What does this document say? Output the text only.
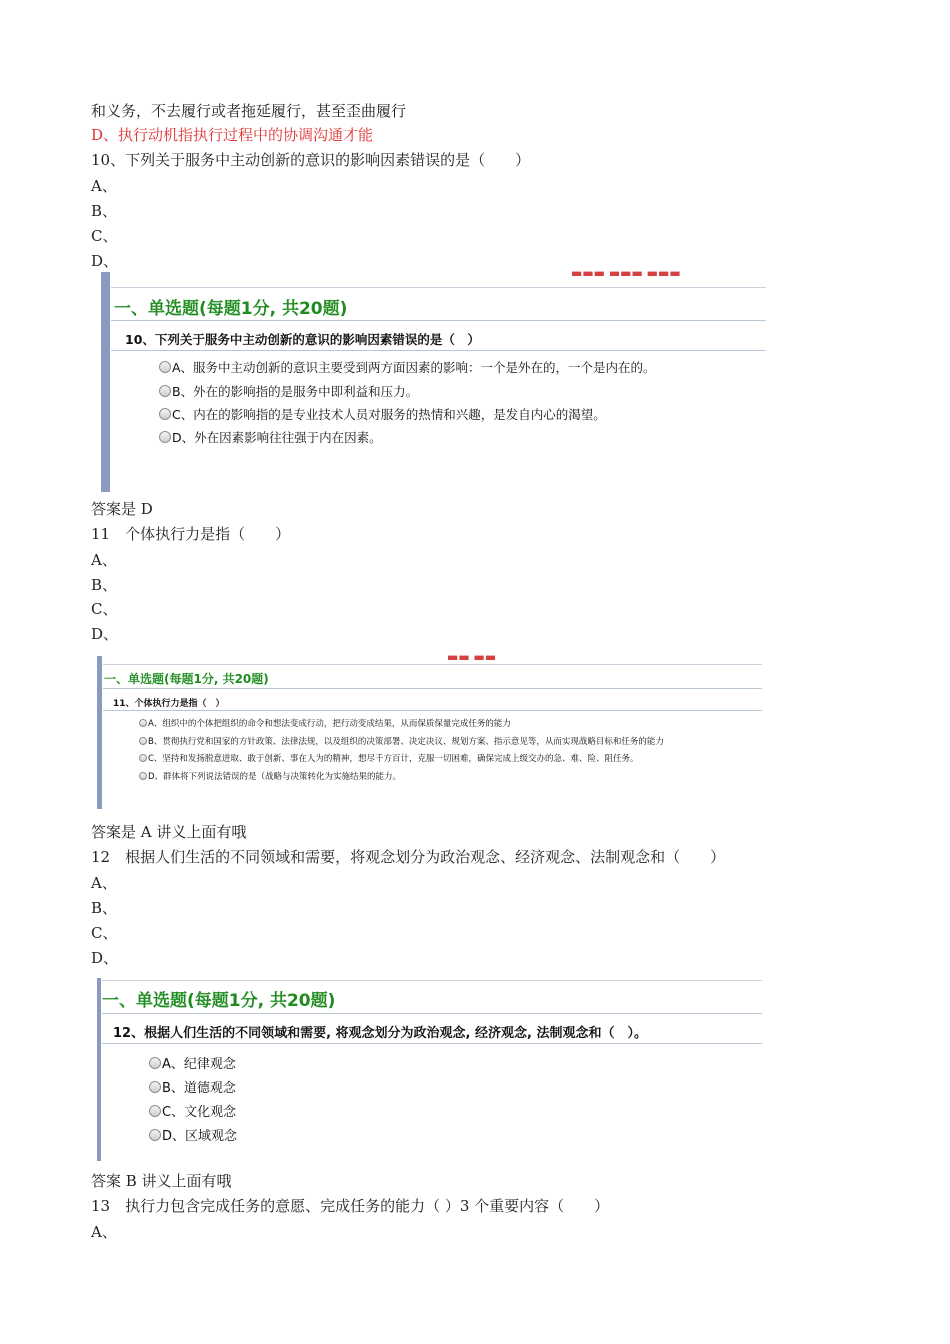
和义务，不去履行或者拖延履行，甚至歪曲履行
D、执行动机指执行过程中的协调沟通才能
10、下列关于服务中主动创新的意识的影响因素错误的是（　　）
A、
B、
C、
D、
▬▬▬ ▬▬▬ ▬▬▬
一、单选题(每题1分, 共20题)
10、下列关于服务中主动创新的意识的影响因素错误的是（　）
A、服务中主动创新的意识主要受到两方面因素的影响：一个是外在的，一个是内在的。
B、外在的影响指的是服务中即利益和压力。
C、内在的影响指的是专业技术人员对服务的热情和兴趣，是发自内心的渴望。
D、外在因素影响往往强于内在因素。
答案是 D
11　个体执行力是指（　　）
A、
B、
C、
D、
▬▬ ▬▬
一、单选题(每题1分, 共20题)
11、个体执行力是指（　）
A、组织中的个体把组织的命令和想法变成行动，把行动变成结果，从而保质保量完成任务的能力
B、贯彻执行党和国家的方针政策、法律法规，以及组织的决策部署、决定决议、规划方案、指示意见等，从而实现战略目标和任务的能力
C、坚持和发扬脱意进取、敢于创新、事在人为的精神，想尽千方百计，克服一切困难，确保完成上级交办的急、难、险、阻任务。
D、群体将下列说法错误的是（战略与决策转化为实施结果的能力。
答案是 A 讲义上面有哦
12　根据人们生活的不同领域和需要，将观念划分为政治观念、经济观念、法制观念和（　　）
A、
B、
C、
D、
一、单选题(每题1分, 共20题)
12、根据人们生活的不同领域和需要, 将观念划分为政治观念, 经济观念, 法制观念和（　）。
A、纪律观念
B、道德观念
C、文化观念
D、区域观念
答案 B 讲义上面有哦
13　执行力包含完成任务的意愿、完成任务的能力（ ）3 个重要内容（　　）
A、
